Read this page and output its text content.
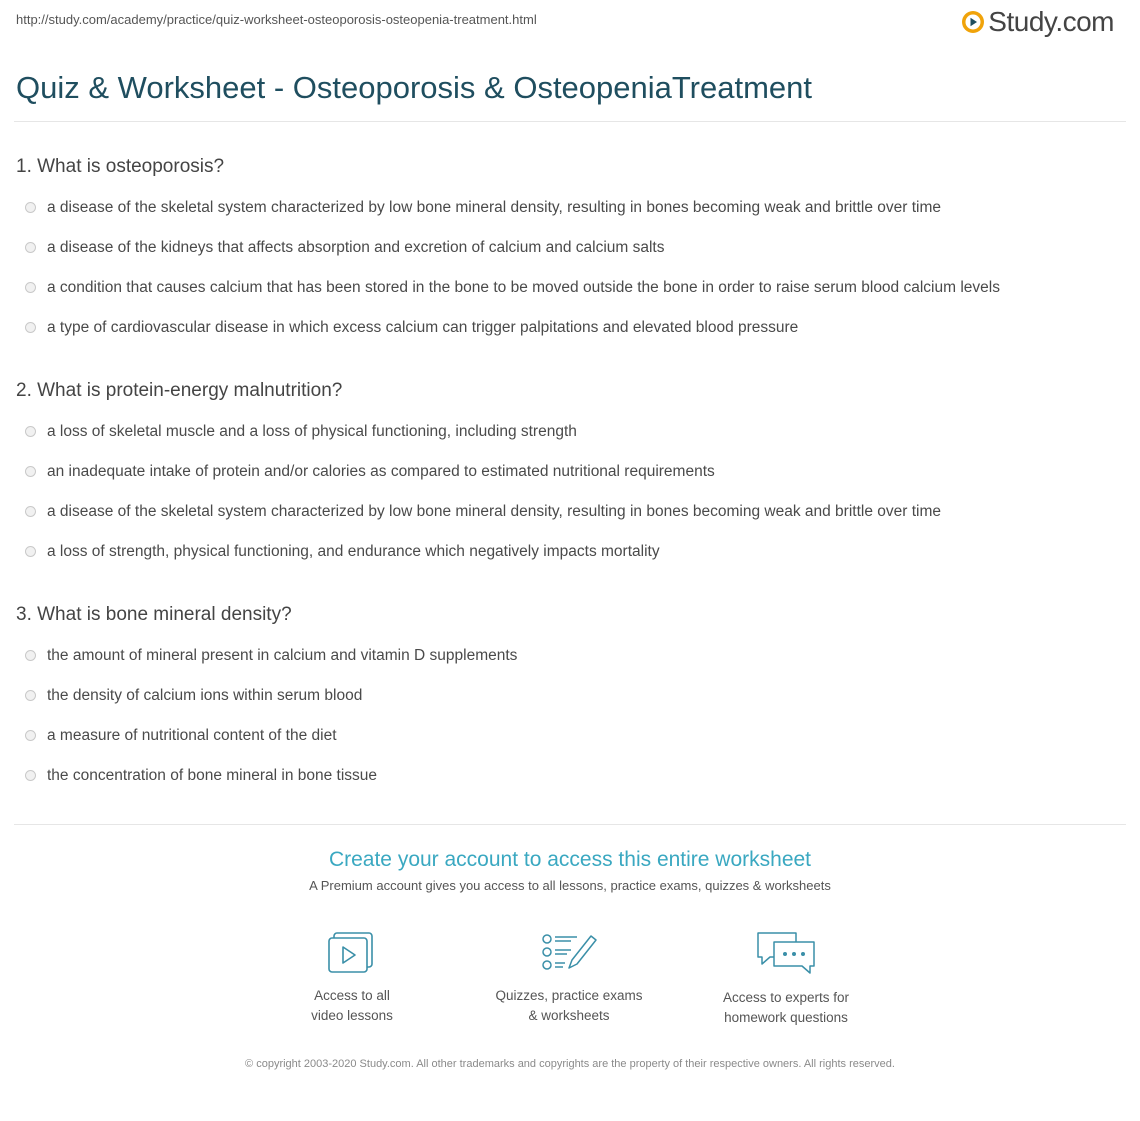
http://study.com/academy/practice/quiz-worksheet-osteoporosis-osteopenia-treatment.html	Study.com
Quiz & Worksheet - Osteoporosis & OsteopeniaTreatment
1. What is osteoporosis?
a disease of the skeletal system characterized by low bone mineral density, resulting in bones becoming weak and brittle over time
a disease of the kidneys that affects absorption and excretion of calcium and calcium salts
a condition that causes calcium that has been stored in the bone to be moved outside the bone in order to raise serum blood calcium levels
a type of cardiovascular disease in which excess calcium can trigger palpitations and elevated blood pressure
2. What is protein-energy malnutrition?
a loss of skeletal muscle and a loss of physical functioning, including strength
an inadequate intake of protein and/or calories as compared to estimated nutritional requirements
a disease of the skeletal system characterized by low bone mineral density, resulting in bones becoming weak and brittle over time
a loss of strength, physical functioning, and endurance which negatively impacts mortality
3. What is bone mineral density?
the amount of mineral present in calcium and vitamin D supplements
the density of calcium ions within serum blood
a measure of nutritional content of the diet
the concentration of bone mineral in bone tissue
Create your account to access this entire worksheet
A Premium account gives you access to all lessons, practice exams, quizzes & worksheets
Access to all
video lessons
Quizzes, practice exams
& worksheets
Access to experts for
homework questions
© copyright 2003-2020 Study.com. All other trademarks and copyrights are the property of their respective owners. All rights reserved.
